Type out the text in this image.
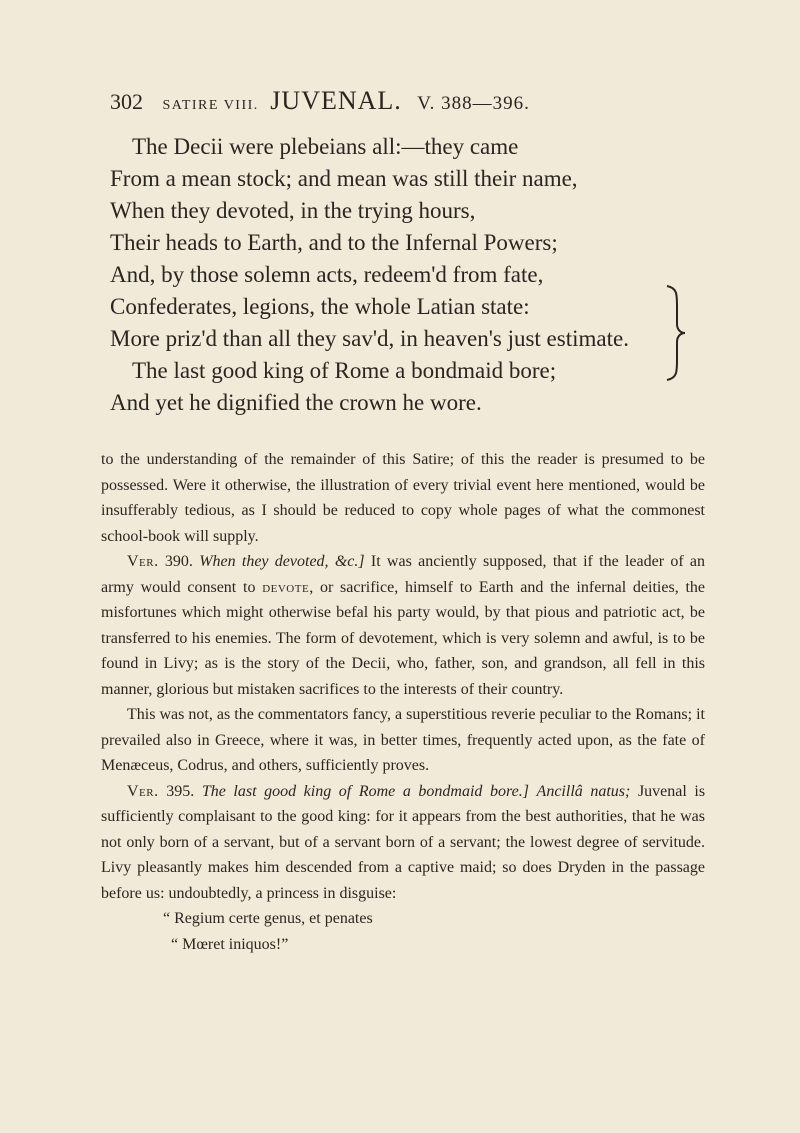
302 SATIRE VIII. JUVENAL. V. 388—396.
The Decii were plebeians all:—they came
From a mean stock; and mean was still their name,
When they devoted, in the trying hours,
Their heads to Earth, and to the Infernal Powers;
And, by those solemn acts, redeem'd from fate,
Confederates, legions, the whole Latian state:
More priz'd than all they sav'd, in heaven's just estimate.
The last good king of Rome a bondmaid bore;
And yet he dignified the crown he wore.

to the understanding of the remainder of this Satire; of this the reader is presumed to be possessed. Were it otherwise, the illustration of every trivial event here mentioned, would be insufferably tedious, as I should be reduced to copy whole pages of what the commonest school-book will supply.

Ver. 390. When they devoted, &c.] It was anciently supposed, that if the leader of an army would consent to devote, or sacrifice, himself to Earth and the infernal deities, the misfortunes which might otherwise befal his party would, by that pious and patriotic act, be transferred to his enemies. The form of devotement, which is very solemn and awful, is to be found in Livy; as is the story of the Decii, who, father, son, and grandson, all fell in this manner, glorious but mistaken sacrifices to the interests of their country.

This was not, as the commentators fancy, a superstitious reverie peculiar to the Romans; it prevailed also in Greece, where it was, in better times, frequently acted upon, as the fate of Menæceus, Codrus, and others, sufficiently proves.

Ver. 395. The last good king of Rome a bondmaid bore.] Ancillâ natus; Juvenal is sufficiently complaisant to the good king: for it appears from the best authorities, that he was not only born of a servant, but of a servant born of a servant; the lowest degree of servitude. Livy pleasantly makes him descended from a captive maid; so does Dryden in the passage before us: undoubtedly, a princess in disguise:

“ Regium certe genus, et penates

“ Mœret iniquos!”
